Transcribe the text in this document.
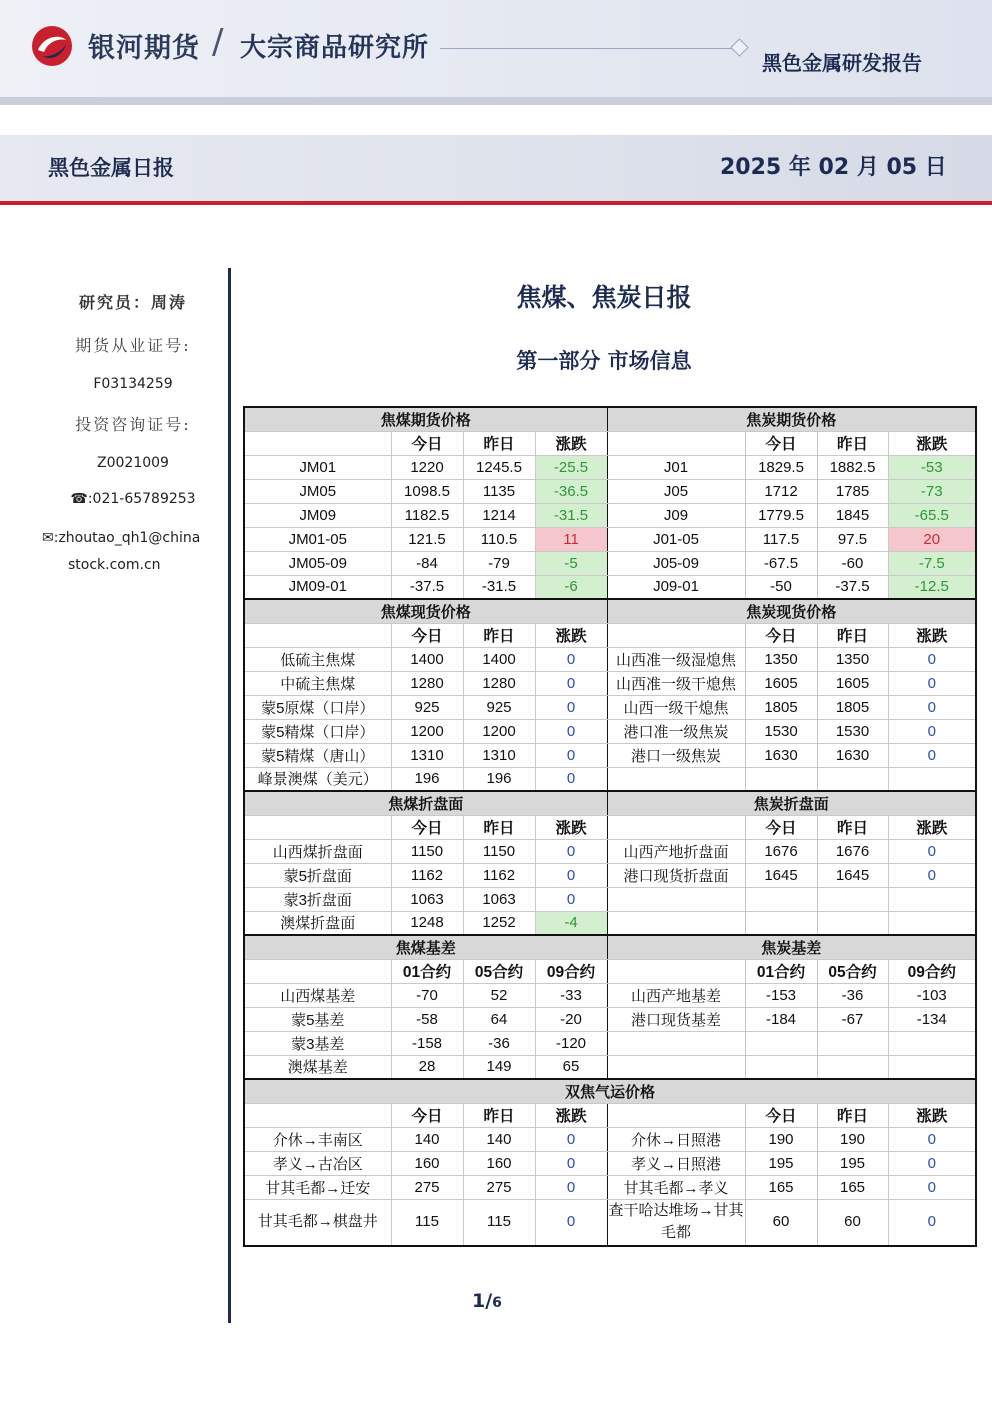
银河期货 / 大宗商品研究所	黑色金属研发报告
黑色金属日报	2025 年 02 月 05 日
研究员：周涛
期货从业证号:
F03134259
投资咨询证号:
Z0021009
☎:021-65789253
✉:zhoutao_qh1@china
stock.com.cn
焦煤、焦炭日报
第一部分 市场信息
焦煤期货价格				焦炭期货价格			
	今日	昨日	涨跌		今日	昨日	涨跌
JM01	1220	1245.5	-25.5	J01	1829.5	1882.5	-53
JM05	1098.5	1135	-36.5	J05	1712	1785	-73
JM09	1182.5	1214	-31.5	J09	1779.5	1845	-65.5
JM01-05	121.5	110.5	11	J01-05	117.5	97.5	20
JM05-09	-84	-79	-5	J05-09	-67.5	-60	-7.5
JM09-01	-37.5	-31.5	-6	J09-01	-50	-37.5	-12.5
焦煤现货价格				焦炭现货价格			
	今日	昨日	涨跌		今日	昨日	涨跌
低硫主焦煤	1400	1400	0	山西准一级湿熄焦	1350	1350	0
中硫主焦煤	1280	1280	0	山西准一级干熄焦	1605	1605	0
蒙5原煤（口岸）	925	925	0	山西一级干熄焦	1805	1805	0
蒙5精煤（口岸）	1200	1200	0	港口准一级焦炭	1530	1530	0
蒙5精煤（唐山）	1310	1310	0	港口一级焦炭	1630	1630	0
峰景澳煤（美元）	196	196	0				
焦煤折盘面				焦炭折盘面			
	今日	昨日	涨跌		今日	昨日	涨跌
山西煤折盘面	1150	1150	0	山西产地折盘面	1676	1676	0
蒙5折盘面	1162	1162	0	港口现货折盘面	1645	1645	0
蒙3折盘面	1063	1063	0				
澳煤折盘面	1248	1252	-4				
焦煤基差				焦炭基差			
	01合约	05合约	09合约		01合约	05合约	09合约
山西煤基差	-70	52	-33	山西产地基差	-153	-36	-103
蒙5基差	-58	64	-20	港口现货基差	-184	-67	-134
蒙3基差	-158	-36	-120				
澳煤基差	28	149	65				
双焦气运价格							
	今日	昨日	涨跌		今日	昨日	涨跌
介休→丰南区	140	140	0	介休→日照港	190	190	0
孝义→古冶区	160	160	0	孝义→日照港	195	195	0
甘其毛都→迁安	275	275	0	甘其毛都→孝义	165	165	0
甘其毛都→棋盘井	115	115	0	查干哈达堆场→甘其毛都	60	60	0
1/6
